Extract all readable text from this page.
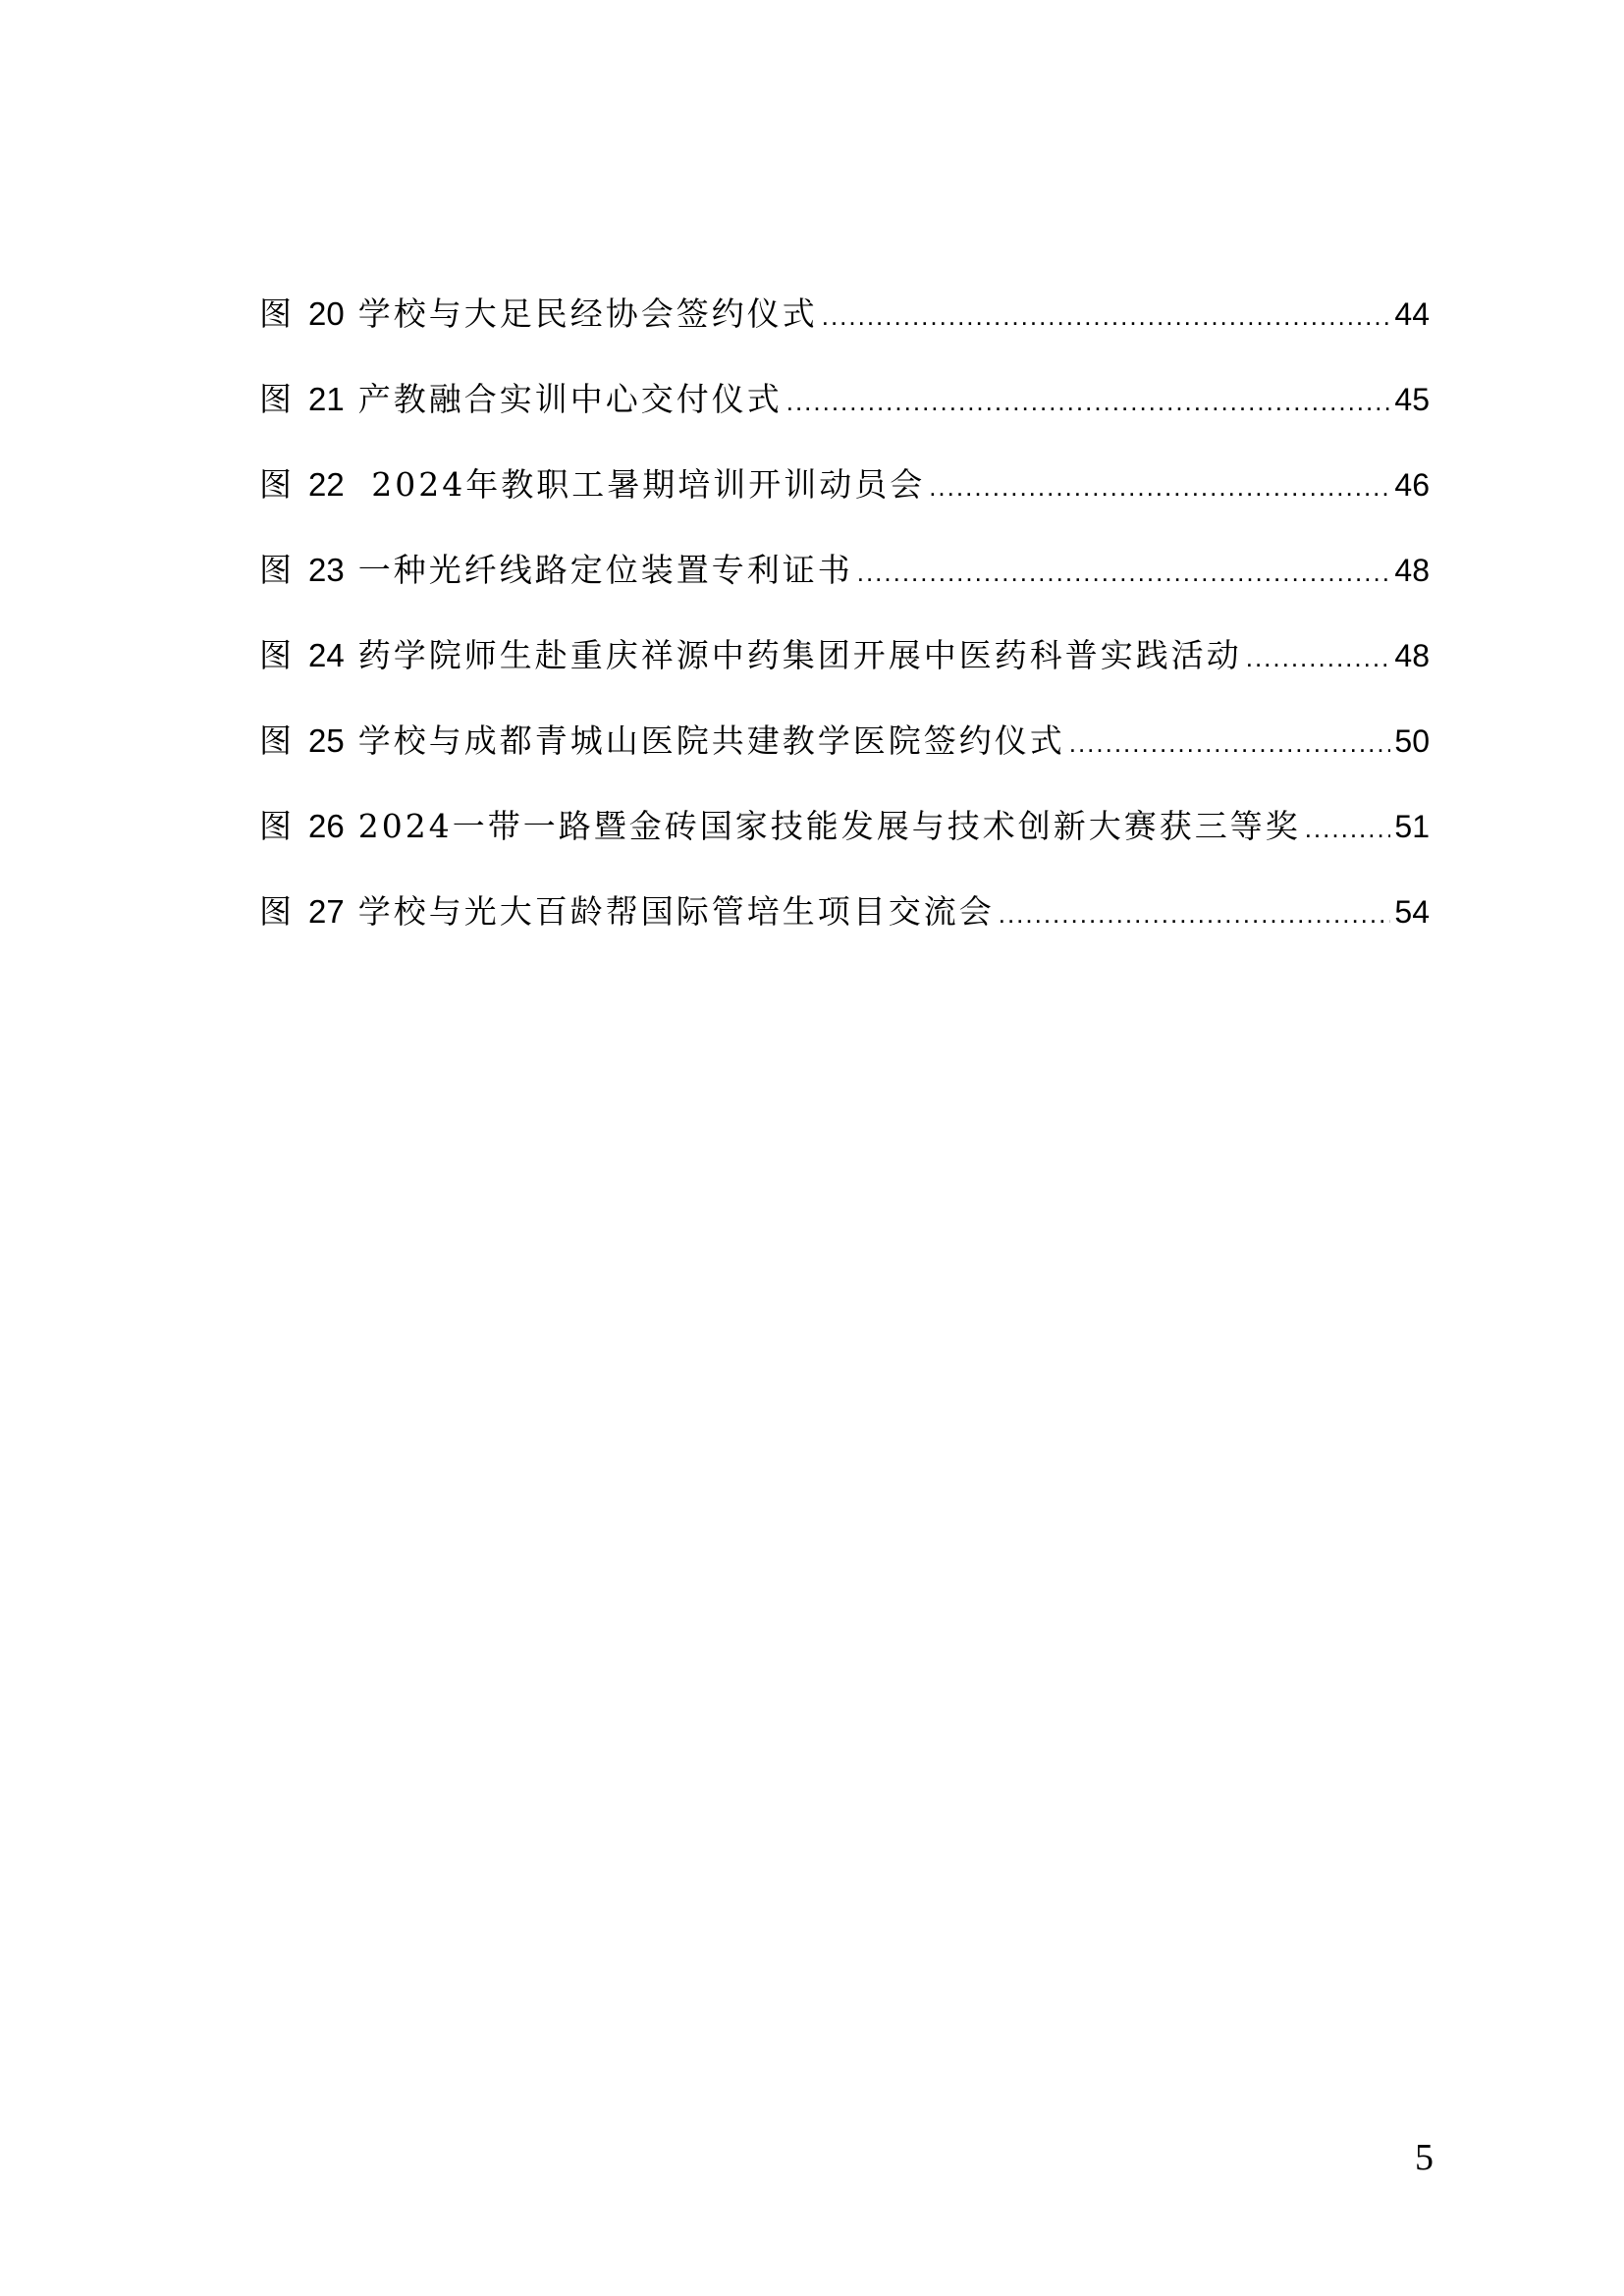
图 20 学校与大足民经协会签约仪式 .....	44
图 21 产教融合实训中心交付仪式 .....	45
图 22 2024年教职工暑期培训开训动员会 .....	46
图 23 一种光纤线路定位装置专利证书 .....	48
图 24 药学院师生赴重庆祥源中药集团开展中医药科普实践活动 .....	48
图 25 学校与成都青城山医院共建教学医院签约仪式 .....	50
图 26 2024一带一路暨金砖国家技能发展与技术创新大赛获三等奖 .....	51
图 27 学校与光大百龄帮国际管培生项目交流会 .....	54
5
